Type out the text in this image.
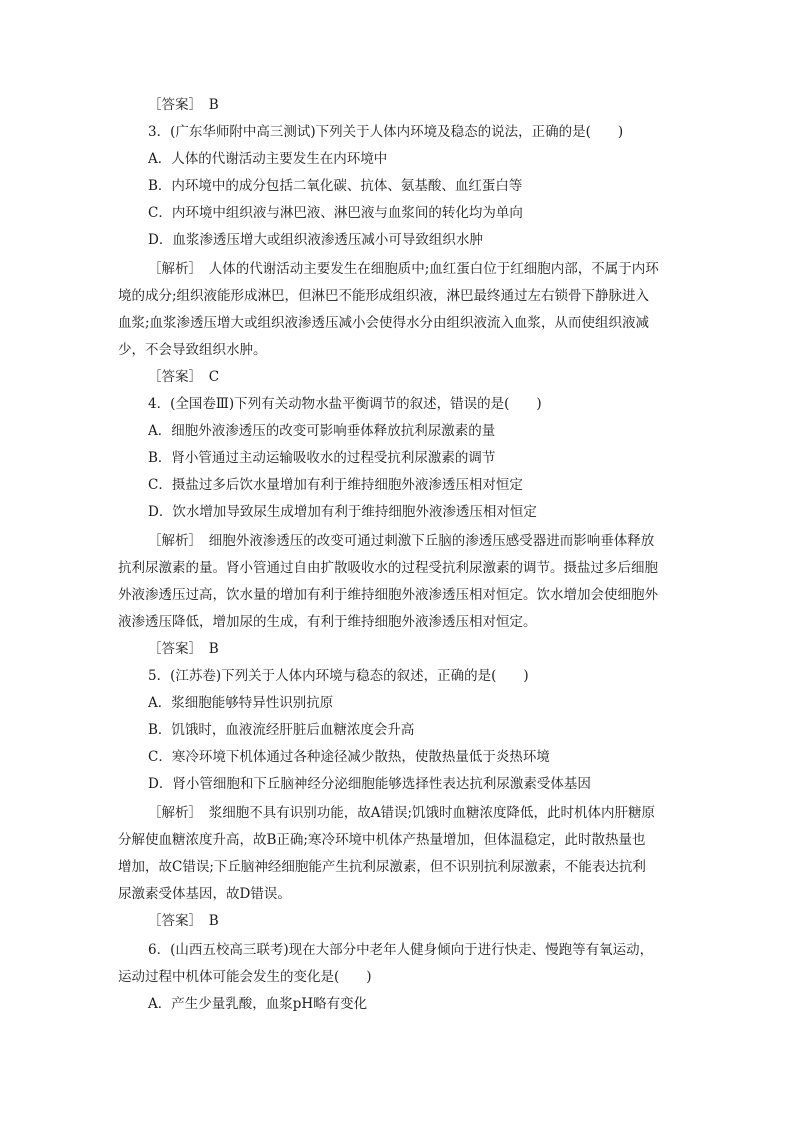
［答案］　B
3．(广东华师附中高三测试)下列关于人体内环境及稳态的说法，正确的是(　　)
A．人体的代谢活动主要发生在内环境中
B．内环境中的成分包括二氧化碳、抗体、氨基酸、血红蛋白等
C．内环境中组织液与淋巴液、淋巴液与血浆间的转化均为单向
D．血浆渗透压增大或组织液渗透压减小可导致组织水肿
［解析］　人体的代谢活动主要发生在细胞质中;血红蛋白位于红细胞内部，不属于内环
境的成分;组织液能形成淋巴，但淋巴不能形成组织液，淋巴最终通过左右锁骨下静脉进入
血浆;血浆渗透压增大或组织液渗透压减小会使得水分由组织液流入血浆，从而使组织液减
少，不会导致组织水肿。
［答案］　C
4．(全国卷Ⅲ)下列有关动物水盐平衡调节的叙述，错误的是(　　)
A．细胞外液渗透压的改变可影响垂体释放抗利尿激素的量
B．肾小管通过主动运输吸收水的过程受抗利尿激素的调节
C．摄盐过多后饮水量增加有利于维持细胞外液渗透压相对恒定
D．饮水增加导致尿生成增加有利于维持细胞外液渗透压相对恒定
［解析］　细胞外液渗透压的改变可通过刺激下丘脑的渗透压感受器进而影响垂体释放
抗利尿激素的量。肾小管通过自由扩散吸收水的过程受抗利尿激素的调节。摄盐过多后细胞
外液渗透压过高，饮水量的增加有利于维持细胞外液渗透压相对恒定。饮水增加会使细胞外
液渗透压降低，增加尿的生成，有利于维持细胞外液渗透压相对恒定。
［答案］　B
5．(江苏卷)下列关于人体内环境与稳态的叙述，正确的是(　　)
A．浆细胞能够特异性识别抗原
B．饥饿时，血液流经肝脏后血糖浓度会升高
C．寒冷环境下机体通过各种途径减少散热，使散热量低于炎热环境
D．肾小管细胞和下丘脑神经分泌细胞能够选择性表达抗利尿激素受体基因
［解析］　浆细胞不具有识别功能，故A错误;饥饿时血糖浓度降低，此时机体内肝糖原
分解使血糖浓度升高，故B正确;寒冷环境中机体产热量增加，但体温稳定，此时散热量也
增加，故C错误;下丘脑神经细胞能产生抗利尿激素，但不识别抗利尿激素，不能表达抗利
尿激素受体基因，故D错误。
［答案］　B
6．(山西五校高三联考)现在大部分中老年人健身倾向于进行快走、慢跑等有氧运动，
运动过程中机体可能会发生的变化是(　　)
A．产生少量乳酸，血浆pH略有变化
